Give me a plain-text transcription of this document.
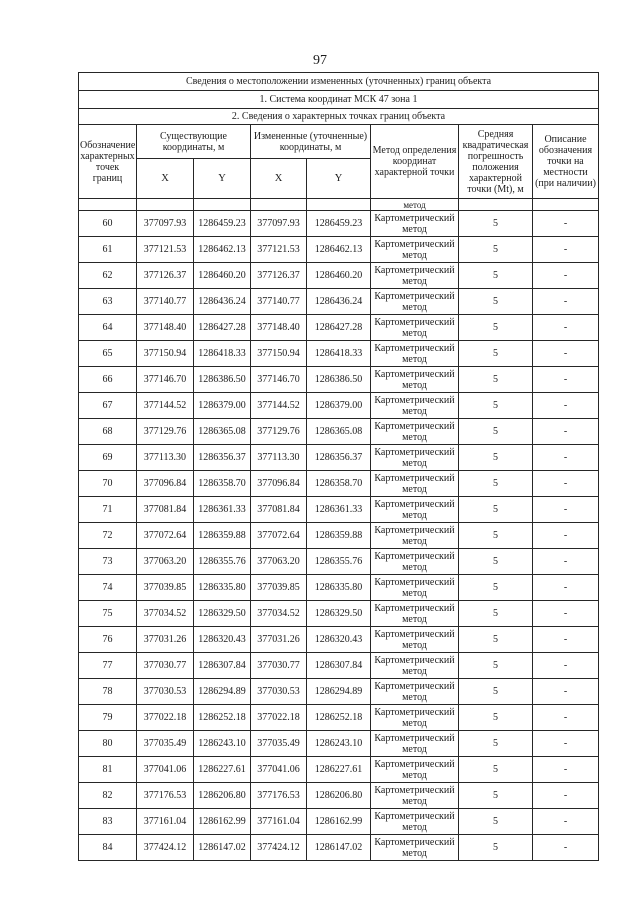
97
Сведения о местоположении измененных (уточненных) границ объекта							
1. Система координат МСК 47 зона 1							
2. Сведения о характерных точках границ объекта							
Обозначение характерных точек границ	Существующие координаты, м		Измененные (уточненные) координаты, м		Метод определения координат характерной точки	Средняя квадратическая погрешность положения характерной точки (Mt), м	Описание обозначения точки на местности (при наличии)
	X	Y	X	Y			
					метод		
60	377097.93	1286459.23	377097.93	1286459.23	Картометрический метод	5	-
61	377121.53	1286462.13	377121.53	1286462.13	Картометрический метод	5	-
62	377126.37	1286460.20	377126.37	1286460.20	Картометрический метод	5	-
63	377140.77	1286436.24	377140.77	1286436.24	Картометрический метод	5	-
64	377148.40	1286427.28	377148.40	1286427.28	Картометрический метод	5	-
65	377150.94	1286418.33	377150.94	1286418.33	Картометрический метод	5	-
66	377146.70	1286386.50	377146.70	1286386.50	Картометрический метод	5	-
67	377144.52	1286379.00	377144.52	1286379.00	Картометрический метод	5	-
68	377129.76	1286365.08	377129.76	1286365.08	Картометрический метод	5	-
69	377113.30	1286356.37	377113.30	1286356.37	Картометрический метод	5	-
70	377096.84	1286358.70	377096.84	1286358.70	Картометрический метод	5	-
71	377081.84	1286361.33	377081.84	1286361.33	Картометрический метод	5	-
72	377072.64	1286359.88	377072.64	1286359.88	Картометрический метод	5	-
73	377063.20	1286355.76	377063.20	1286355.76	Картометрический метод	5	-
74	377039.85	1286335.80	377039.85	1286335.80	Картометрический метод	5	-
75	377034.52	1286329.50	377034.52	1286329.50	Картометрический метод	5	-
76	377031.26	1286320.43	377031.26	1286320.43	Картометрический метод	5	-
77	377030.77	1286307.84	377030.77	1286307.84	Картометрический метод	5	-
78	377030.53	1286294.89	377030.53	1286294.89	Картометрический метод	5	-
79	377022.18	1286252.18	377022.18	1286252.18	Картометрический метод	5	-
80	377035.49	1286243.10	377035.49	1286243.10	Картометрический метод	5	-
81	377041.06	1286227.61	377041.06	1286227.61	Картометрический метод	5	-
82	377176.53	1286206.80	377176.53	1286206.80	Картометрический метод	5	-
83	377161.04	1286162.99	377161.04	1286162.99	Картометрический метод	5	-
84	377424.12	1286147.02	377424.12	1286147.02	Картометрический метод	5	-
